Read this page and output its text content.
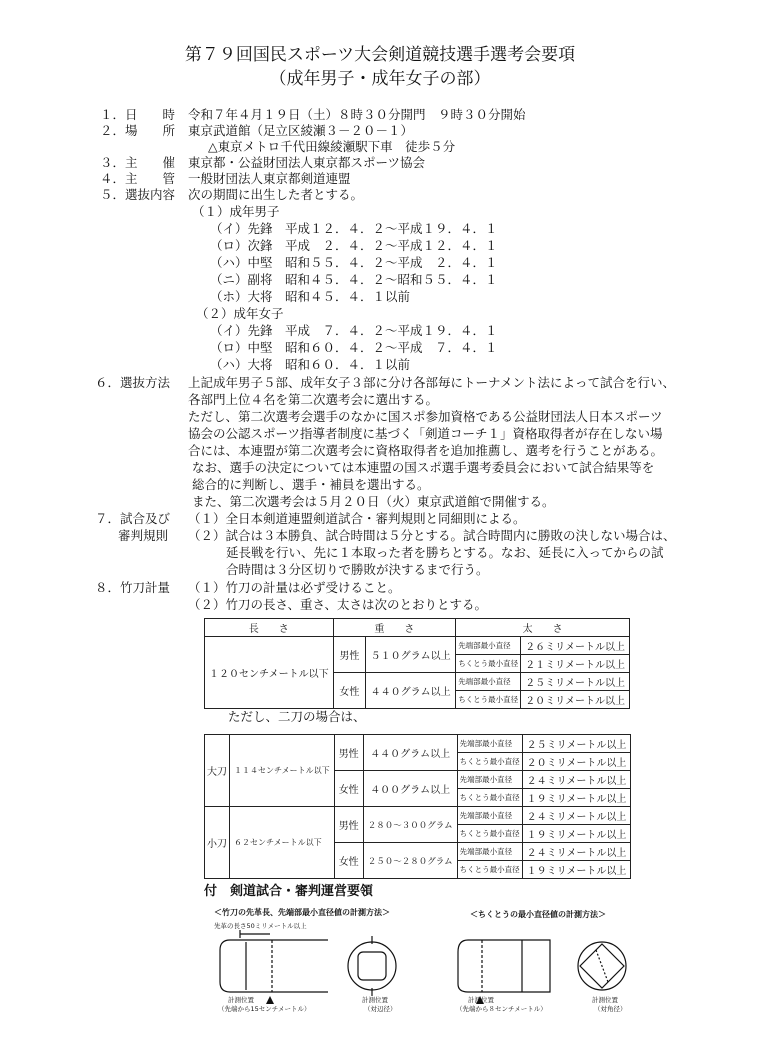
第７９回国民スポーツ大会剣道競技選手選考会要項
（成年男子・成年女子の部）
１．日　　時 令和７年４月１９日（土）８時３０分開門　９時３０分開始
２．場　　所 東京武道館（足立区綾瀬３－２０－１）
△東京メトロ千代田線綾瀬駅下車　徒歩５分
３．主　　催 東京都・公益財団法人東京都スポーツ協会
４．主　　管 一般財団法人東京都剣道連盟
５．選抜内容 次の期間に出生した者とする。
（１）成年男子
（イ）先鋒　平成１２．４．２～平成１９．４．１
（ロ）次鋒　平成　２．４．２～平成１２．４．１
（ハ）中堅　昭和５５．４．２～平成　２．４．１
（ニ）副将　昭和４５．４．２～昭和５５．４．１
（ホ）大将　昭和４５．４．１以前
（２）成年女子
（イ）先鋒　平成　７．４．２～平成１９．４．１
（ロ）中堅　昭和６０．４．２～平成　７．４．１
（ハ）大将　昭和６０．４．１以前
６．選抜方法 上記成年男子５部、成年女子３部に分け各部毎にトーナメント法によって試合を行い、
各部門上位４名を第二次選考会に選出する。
ただし、第二次選考会選手のなかに国スポ参加資格である公益財団法人日本スポーツ
協会の公認スポーツ指導者制度に基づく「剣道コーチ１」資格取得者が存在しない場
合には、本連盟が第二次選考会に資格取得者を追加推薦し、選考を行うことがある。
なお、選手の決定については本連盟の国スポ選手選考委員会において試合結果等を
総合的に判断し、選手・補員を選出する。
また、第二次選考会は５月２０日（火）東京武道館で開催する。
７．試合及び
審判規則
（１）全日本剣道連盟剣道試合・審判規則と同細則による。
（２）試合は３本勝負、試合時間は５分とする。試合時間内に勝敗の決しない場合は、
延長戦を行い、先に１本取った者を勝ちとする。なお、延長に入ってからの試
合時間は３分区切りで勝敗が決するまで行う。
８．竹刀計量 （１）竹刀の計量は必ず受けること。
（２）竹刀の長さ、重さ、太さは次のとおりとする。
長　　さ	重　　さ		太　　さ	
１２０センチメートル以下	男性	５１０グラム以上	先端部最小直径	２６ミリメートル以上
			ちくとう最小直径	２１ミリメートル以上
	女性	４４０グラム以上	先端部最小直径	２５ミリメートル以上
			ちくとう最小直径	２０ミリメートル以上
ただし、二刀の場合は、
大刀	１１４センチメートル以下	男性	４４０グラム以上	先端部最小直径	２５ミリメートル以上
				ちくとう最小直径	２０ミリメートル以上
		女性	４００グラム以上	先端部最小直径	２４ミリメートル以上
				ちくとう最小直径	１９ミリメートル以上
小刀	６２センチメートル以下	男性	２８０～３００グラム	先端部最小直径	２４ミリメートル以上
				ちくとう最小直径	１９ミリメートル以上
		女性	２５０～２８０グラム	先端部最小直径	２４ミリメートル以上
				ちくとう最小直径	１９ミリメートル以上
付　剣道試合・審判運営要領
＜竹刀の先革長、先端部最小直径値の計測方法＞	＜ちくとうの最小直径値の計測方法＞
先革の長さ50ミリメートル以上
計測位置
（先端から15センチメートル）
計測位置
（対辺径）
計測位置
（先端から８センチメートル）
計測位置
（対角径）
